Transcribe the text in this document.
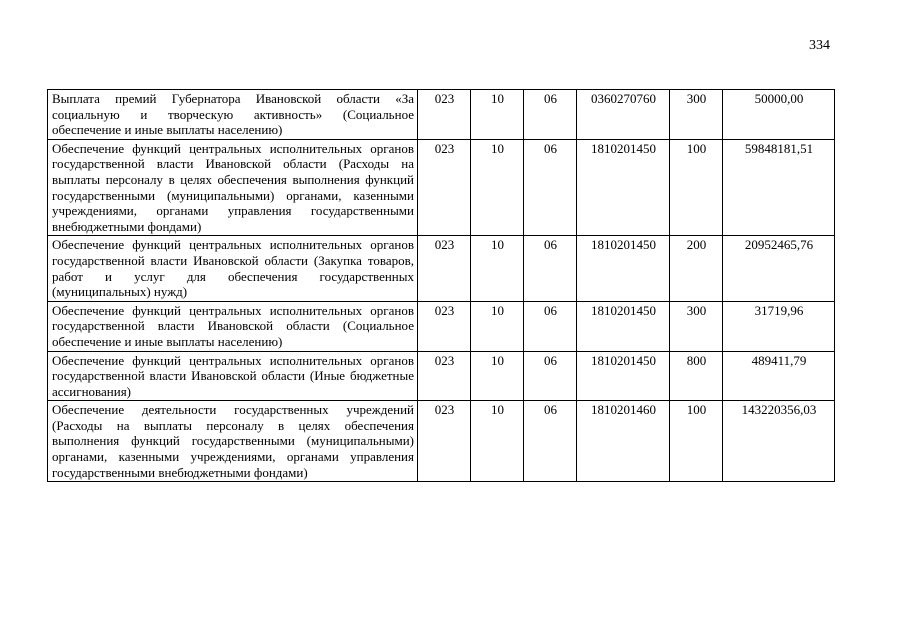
334
Выплата премий Губернатора Ивановской области «За социальную и творческую активность» (Социальное обеспечение и иные выплаты населению)	023	10	06	0360270760	300	50000,00
Обеспечение функций центральных исполнительных органов государственной власти Ивановской области (Расходы на выплаты персоналу в целях обеспечения выполнения функций государственными (муниципальными) органами, казенными учреждениями, органами управления государственными внебюджетными фондами)	023	10	06	1810201450	100	59848181,51
Обеспечение функций центральных исполнительных органов государственной власти Ивановской области (Закупка товаров, работ и услуг для обеспечения государственных (муниципальных) нужд)	023	10	06	1810201450	200	20952465,76
Обеспечение функций центральных исполнительных органов государственной власти Ивановской области (Социальное обеспечение и иные выплаты населению)	023	10	06	1810201450	300	31719,96
Обеспечение функций центральных исполнительных органов государственной власти Ивановской области (Иные бюджетные ассигнования)	023	10	06	1810201450	800	489411,79
Обеспечение деятельности государственных учреждений (Расходы на выплаты персоналу в целях обеспечения выполнения функций государственными (муниципальными) органами, казенными учреждениями, органами управления государственными внебюджетными фондами)	023	10	06	1810201460	100	143220356,03
